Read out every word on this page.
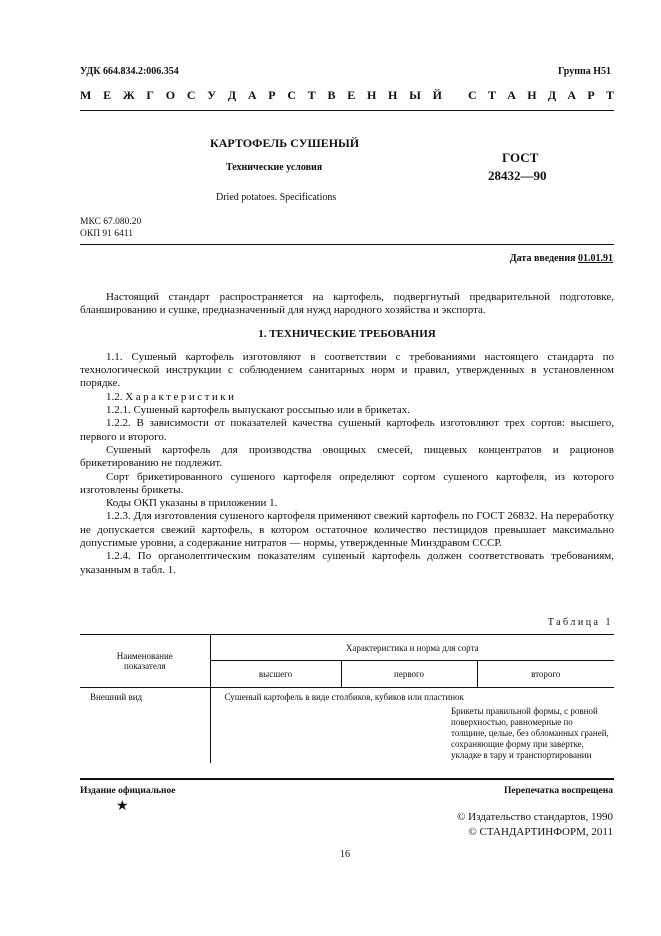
УДК 664.834.2:006.354	Группа Н51
М Е Ж Г О С У Д А Р С Т В Е Н Н Ы Й С Т А Н Д А Р Т
КАРТОФЕЛЬ СУШЕНЫЙ
Технические условия
Dried potatoes. Specifications
ГОСТ
28432—90
МКС 67.080.20
ОКП 91 6411
Дата введения 01.01.91

Настоящий стандарт распространяется на картофель, подвергнутый предварительной подготовке, бланшированию и сушке, предназначенный для нужд народного хозяйства и экспорта.

1. ТЕХНИЧЕСКИЕ ТРЕБОВАНИЯ

1.1. Сушеный картофель изготовляют в соответствии с требованиями настоящего стандарта по технологической инструкции с соблюдением санитарных норм и правил, утвержденных в установленном порядке.

1.2. Характеристики

1.2.1. Сушеный картофель выпускают россыпью или в брикетах.

1.2.2. В зависимости от показателей качества сушеный картофель изготовляют трех сортов: высшего, первого и второго.

Сушеный картофель для производства овощных смесей, пищевых концентратов и рационов брикетированию не подлежит.

Сорт брикетированного сушеного картофеля определяют сортом сушеного картофеля, из которого изготовлены брикеты.

Коды ОКП указаны в приложении 1.

1.2.3. Для изготовления сушеного картофеля применяют свежий картофель по ГОСТ 26832. На переработку не допускается свежий картофель, в котором остаточное количество пестицидов превышает максимально допустимые уровни, а содержание нитратов — нормы, утвержденные Минздравом СССР.

1.2.4. По органолептическим показателям сушеный картофель должен соответствовать требованиям, указанным в табл. 1.

Таблица 1
Наименование показателя	Характеристика и норма для сорта		
	высшего	первого	второго
Внешний вид	Сушеный картофель в виде столбиков, кубиков или пластинок		
		Брикеты правильной формы, с ровной поверхностью, равномерные по толщине, целые, без обломанных граней, сохраняющие форму при завертке, укладке в тару и транспортировании	
Издание официальное	Перепечатка воспрещена
★
© Издательство стандартов, 1990
© СТАНДАРТИНФОРМ, 2011
16
